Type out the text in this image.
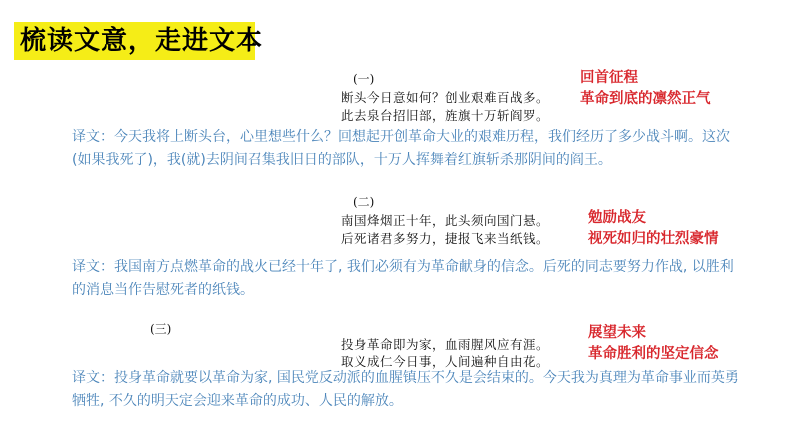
梳读文意，走进文本
(一)
断头今日意如何？创业艰难百战多。
此去泉台招旧部，旌旗十万斩阎罗。
回首征程
革命到底的凛然正气

译文：今天我将上断头台，心里想些什么？回想起开创革命大业的艰难历程，我们经历了多少战斗啊。这次(如果我死了)，我(就)去阴间召集我旧日的部队，十万人挥舞着红旗斩杀那阴间的阎王。

(二)
南国烽烟正十年，此头须向国门悬。
后死诸君多努力，捷报飞来当纸钱。
勉励战友
视死如归的壮烈豪情

译文：我国南方点燃革命的战火已经十年了, 我们必须有为革命献身的信念。后死的同志要努力作战, 以胜利的消息当作告慰死者的纸钱。

(三)
投身革命即为家，血雨腥风应有涯。
取义成仁今日事，人间遍种自由花。
展望未来
革命胜利的坚定信念

译文：投身革命就要以革命为家, 国民党反动派的血腥镇压不久是会结束的。今天我为真理为革命事业而英勇牺牲, 不久的明天定会迎来革命的成功、人民的解放。
